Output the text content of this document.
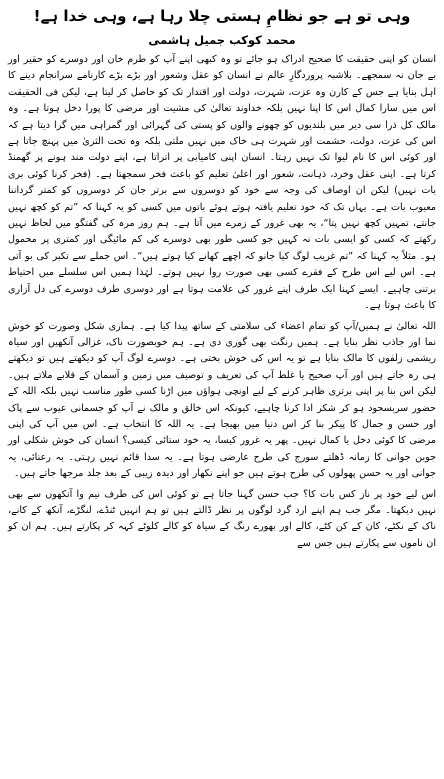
وہی تو ہے جو نظامِ ہستی چلا رہا ہے، وہی خدا ہے!
محمد کوکب جمیل ہاشمی

انسان کو اپنی حقیقت کا صحیح ادراک ہو جائے تو وہ کبھی اپنے آپ کو طرم خان اور دوسرے کو حقیر اور بے جان نہ سمجھے۔ بلاشبہ پروردگارِ عالم نے انسان کو عقل وشعور اور بڑے بڑے کارنامے سرانجام دینے کا اہل بنایا ہے جس کے کارن وہ عزت، شہرت، دولت اور اقتدار تک کو حاصل کر لیتا ہے، لیکن فی الحقیقت اس میں سارا کمال اس کا اپنا نہیں بلکہ خداوند تعالیٰ کی مشیت اور مرضی کا پورا دخل ہوتا ہے۔ وہ مالک کل ذرا سی دیر میں بلندیوں کو چھونے والوں کو پستی کی گہرائی اور گمراہی میں گرا دیتا ہے کہ اس کی عزت، دولت، حشمت اور شہرت ہی خاک میں نہیں ملتی بلکہ وہ تحت الثریٰ میں پہنچ جاتا ہے اور کوئی اس کا نام لیوا تک نہیں رہتا۔ انسان اپنی کامیابی پر اتراتا ہے، اپنے دولت مند ہونے پر گھمنڈ کرتا ہے۔ اپنی عقل وخرد، ذہانت، شعور اور اعلیٰ تعلیم کو باعث فخر سمجھتا ہے۔ (فخر کرنا کوئی بری بات نہیں) لیکن ان اوصاف کی وجہ سے خود کو دوسروں سے برتر جان کر دوسروں کو کمتر گرداننا معیوب بات ہے۔ یہاں تک کہ خود تعلیم یافتہ ہوتے ہوئے باتوں میں کسی کو یہ کہنا کہ ”تم کو کچھ نہیں جانتے، تمہیں کچھ نہیں پتا“، یہ بھی غرور کے زمرے میں آتا ہے۔ ہم روز مرہ کی گفتگو میں لحاظ نہیں رکھتے کہ کسی کو ایسی بات نہ کہیں جو کسی طور بھی دوسرے کی کم مائیگی اور کمتری پر محمول ہو۔ مثلاً یہ کہنا کہ ”تم غریب لوگ کیا جانو کہ اچھے کھانے کیا ہوتے ہیں“۔ اس جملے سے تکبر کی بو آتی ہے۔ اس لیے اس طرح کے فقرے کسی بھی صورت روا نہیں ہوتے۔ لہٰذا ہمیں اس سلسلے میں احتیاط برتنی چاہیے۔ ایسے کہنا ایک طرف اپنے غرور کی علامت ہوتا ہے اور دوسری طرف دوسرے کی دل آزاری کا باعث ہوتا ہے۔

اللہ تعالیٰ نے ہمیں/آپ کو تمام اعضاء کی سلامتی کے ساتھ پیدا کیا ہے۔ ہماری شکل وصورت کو خوش نما اور جاذب نظر بنایا ہے۔ ہمیں رنگت بھی گوری دی ہے۔ ہم خوبصورت ناک، غزالی آنکھیں اور سیاہ ریشمی زلفوں کا مالک بنایا ہے تو یہ اس کی خوش بختی ہے۔ دوسرے لوگ آپ کو دیکھتے ہیں تو دیکھتے ہی رہ جاتے ہیں اور آپ صحیح یا غلط آپ کی تعریف و توصیف میں زمین و آسمان کے قلابے ملاتے ہیں۔ لیکن اس بنا پر اپنی برتری ظاہر کرنے کے لیے اونچی ہواؤں میں اڑنا کسی طور مناسب نہیں بلکہ اللہ کے حضور سربسجود ہو کر شکر ادا کرنا چاہیے، کیونکہ اس خالق و مالک نے آپ کو جسمانی عیوب سے پاک اور حسن و جمال کا پیکر بنا کر اس دنیا میں بھیجا ہے۔ یہ اللہ کا انتخاب ہے۔ اس میں آپ کی اپنی مرضی کا کوئی دخل یا کمال نہیں۔ پھر یہ غرور کیسا، یہ خود ستائی کیسی؟ انسان کی خوش شکلی اور جوبن جوانی کا زمانہ ڈھلتے سورج کی طرح عارضی ہوتا ہے۔ یہ سدا قائم نہیں رہتی۔ یہ رعنائی، یہ جوانی اور یہ حسن پھولوں کی طرح ہوتے ہیں جو اپنے نکھار اور دیدہ زیبی کے بعد جلد مرجھا جاتے ہیں۔

اس لیے خود پر ناز کس بات کا؟ جب حسن گہنا جاتا ہے تو کوئی اس کی طرف نیم وا آنکھوں سے بھی نہیں دیکھتا۔ مگر جب ہم اپنے ارد گرد لوگوں پر نظر ڈالتے ہیں تو ہم انہیں ٹنڈے، لنگڑے، آنکھ کے کانے، ناک کے نکٹے، کان کے کن کٹے، کالے اور بھورے رنگ کے سیاہ کو کالے کلوٹے کہہ کر پکارتے ہیں۔ ہم ان کو ان ناموں سے پکارتے ہیں جس سے
